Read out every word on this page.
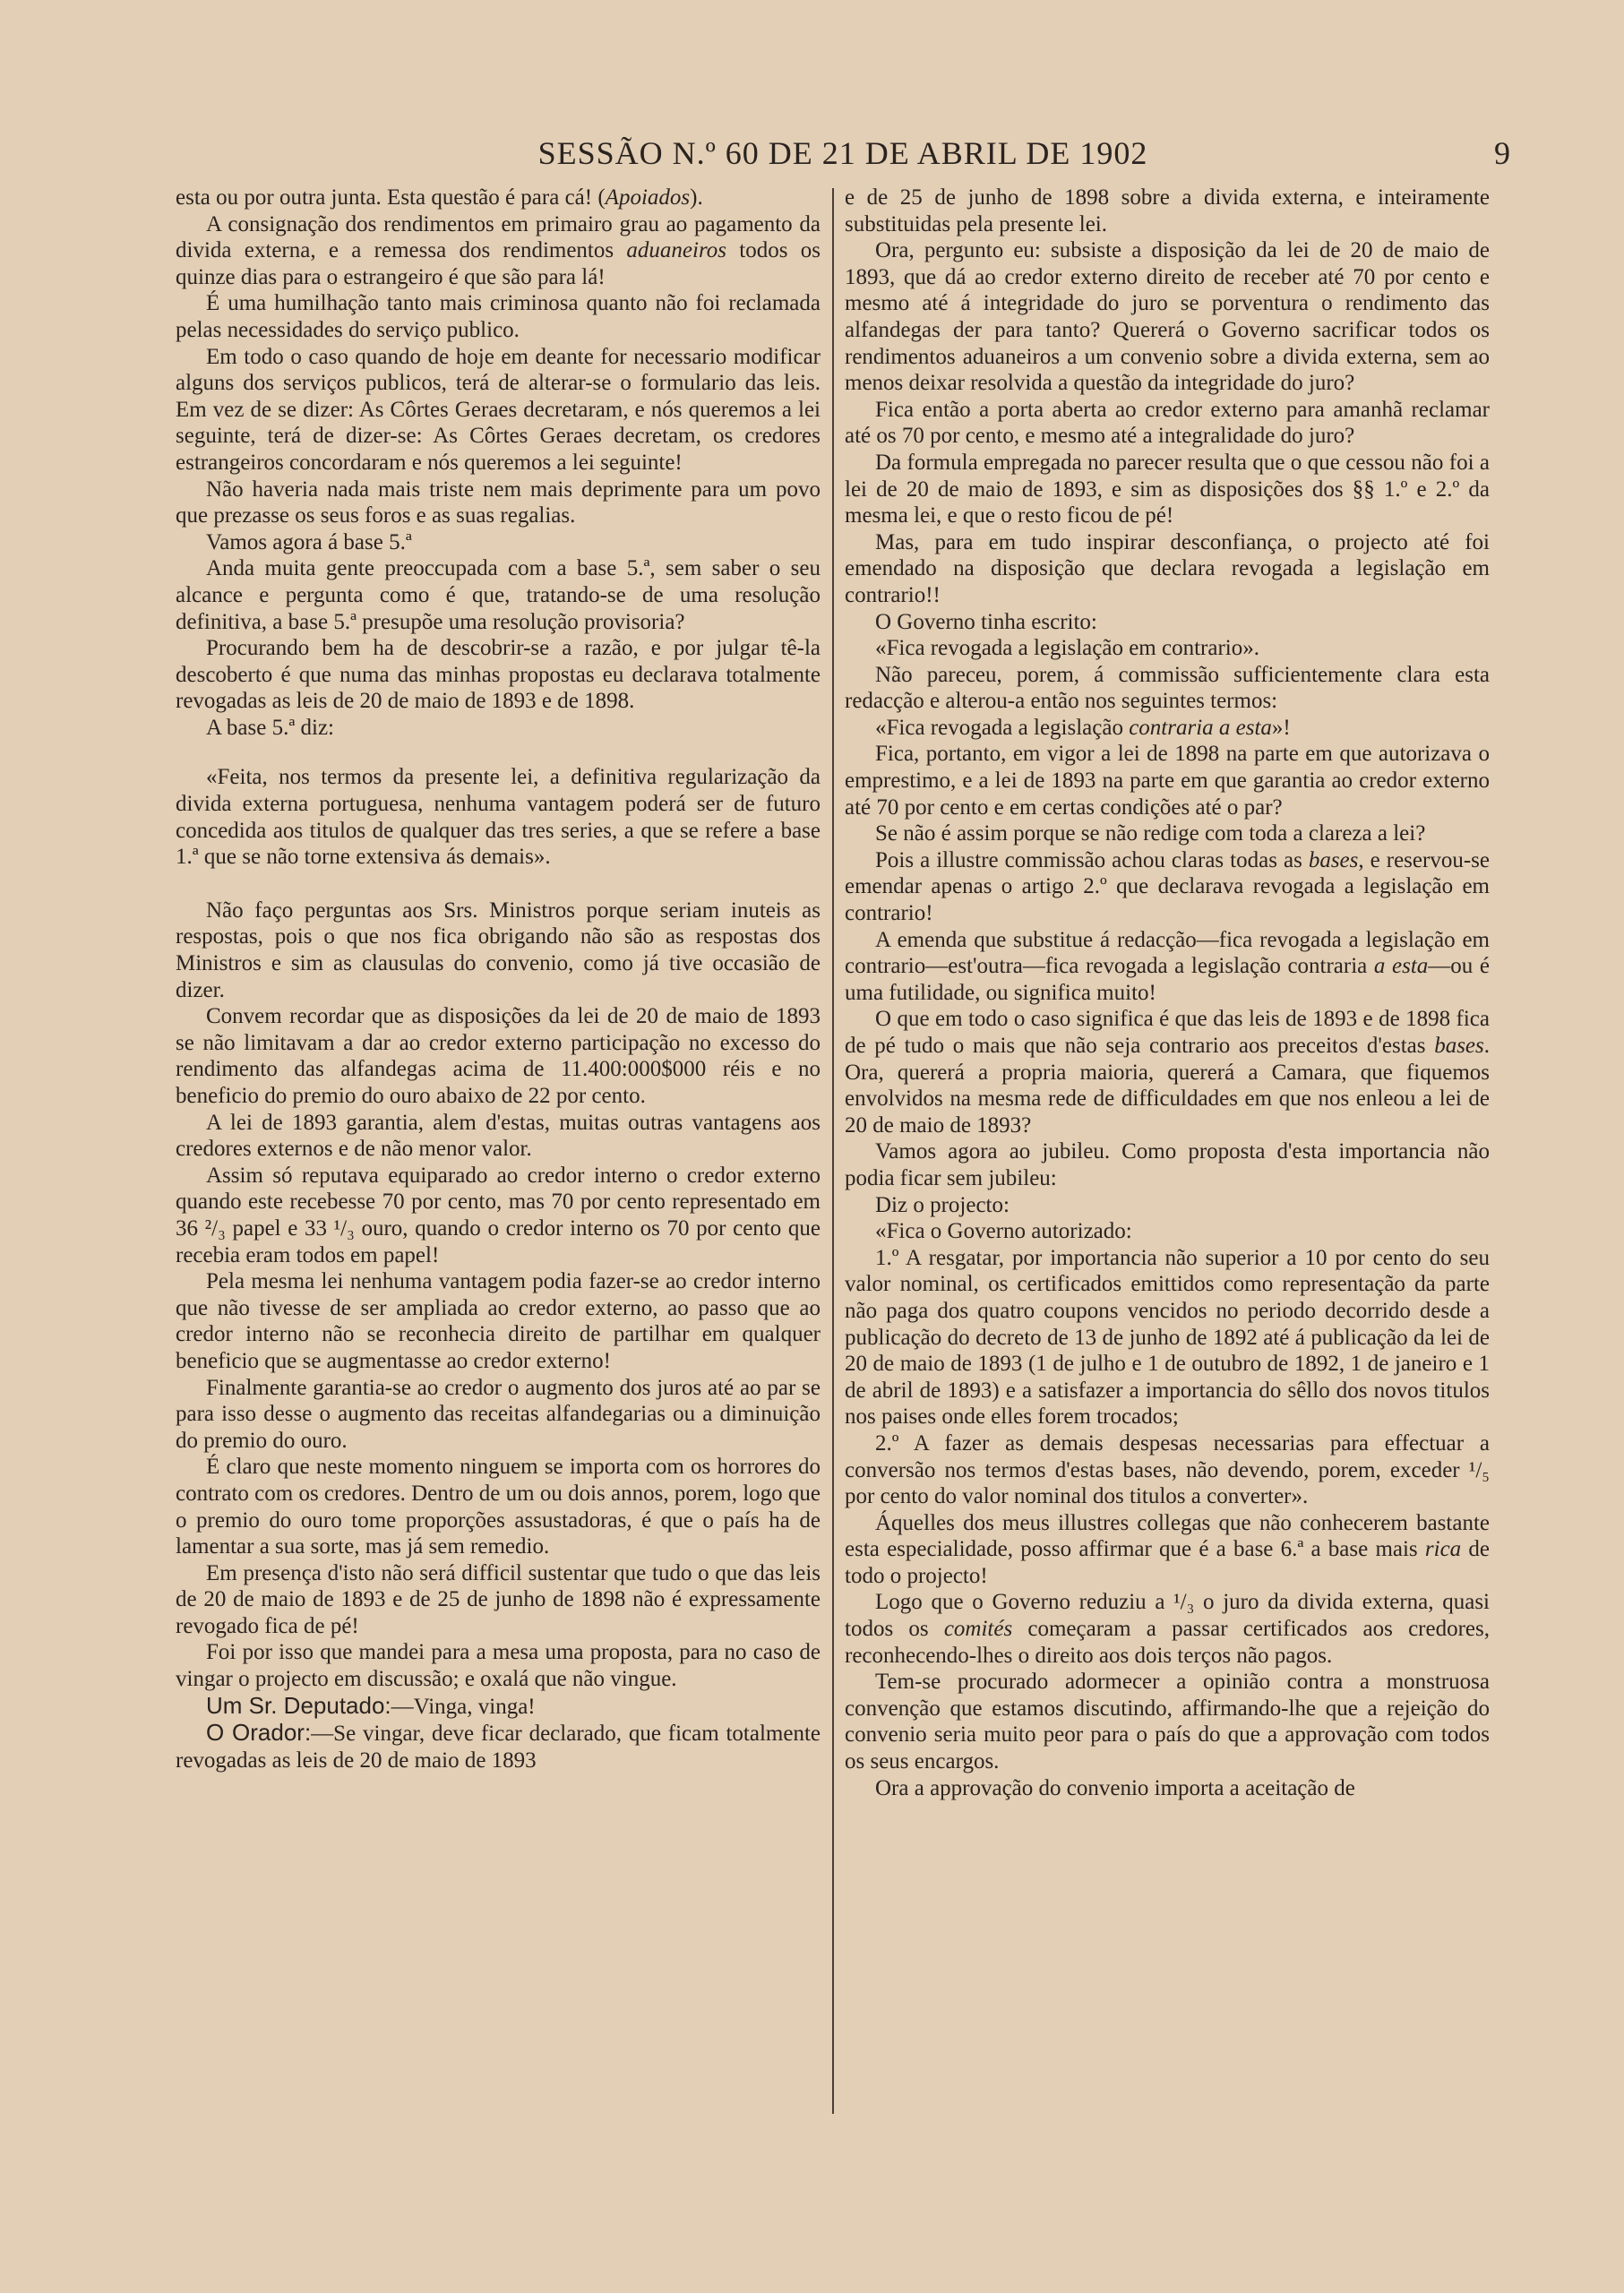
SESSÃO N.º 60 DE 21 DE ABRIL DE 1902	9

esta ou por outra junta. Esta questão é para cá! (Apoiados).

A consignação dos rendimentos em primairo grau ao pagamento da divida externa, e a remessa dos rendimentos aduaneiros todos os quinze dias para o estrangeiro é que são para lá!

É uma humilhação tanto mais criminosa quanto não foi reclamada pelas necessidades do serviço publico.

Em todo o caso quando de hoje em deante for necessario modificar alguns dos serviços publicos, terá de alterar-se o formulario das leis. Em vez de se dizer: As Côrtes Geraes decretaram, e nós queremos a lei seguinte, terá de dizer-se: As Côrtes Geraes decretam, os credores estrangeiros concordaram e nós queremos a lei seguinte!

Não haveria nada mais triste nem mais deprimente para um povo que prezasse os seus foros e as suas regalias.

Vamos agora á base 5.ª

Anda muita gente preoccupada com a base 5.ª, sem saber o seu alcance e pergunta como é que, tratando-se de uma resolução definitiva, a base 5.ª presupõe uma resolução provisoria?

Procurando bem ha de descobrir-se a razão, e por julgar tê-la descoberto é que numa das minhas propostas eu declarava totalmente revogadas as leis de 20 de maio de 1893 e de 1898.

A base 5.ª diz:

«Feita, nos termos da presente lei, a definitiva regularização da divida externa portuguesa, nenhuma vantagem poderá ser de futuro concedida aos titulos de qualquer das tres series, a que se refere a base 1.ª que se não torne extensiva ás demais».

Não faço perguntas aos Srs. Ministros porque seriam inuteis as respostas, pois o que nos fica obrigando não são as respostas dos Ministros e sim as clausulas do convenio, como já tive occasião de dizer.

Convem recordar que as disposições da lei de 20 de maio de 1893 se não limitavam a dar ao credor externo participação no excesso do rendimento das alfandegas acima de 11.400:000$000 réis e no beneficio do premio do ouro abaixo de 22 por cento.

A lei de 1893 garantia, alem d'estas, muitas outras vantagens aos credores externos e de não menor valor.

Assim só reputava equiparado ao credor interno o credor externo quando este recebesse 70 por cento, mas 70 por cento representado em 36 ²/₃ papel e 33 ¹/₃ ouro, quando o credor interno os 70 por cento que recebia eram todos em papel!

Pela mesma lei nenhuma vantagem podia fazer-se ao credor interno que não tivesse de ser ampliada ao credor externo, ao passo que ao credor interno não se reconhecia direito de partilhar em qualquer beneficio que se augmentasse ao credor externo!

Finalmente garantia-se ao credor o augmento dos juros até ao par se para isso desse o augmento das receitas alfandegarias ou a diminuição do premio do ouro.

É claro que neste momento ninguem se importa com os horrores do contrato com os credores. Dentro de um ou dois annos, porem, logo que o premio do ouro tome proporções assustadoras, é que o país ha de lamentar a sua sorte, mas já sem remedio.

Em presença d'isto não será difficil sustentar que tudo o que das leis de 20 de maio de 1893 e de 25 de junho de 1898 não é expressamente revogado fica de pé!

Foi por isso que mandei para a mesa uma proposta, para no caso de vingar o projecto em discussão; e oxalá que não vingue.

Um Sr. Deputado:—Vinga, vinga!

O Orador:—Se vingar, deve ficar declarado, que ficam totalmente revogadas as leis de 20 de maio de 1893

e de 25 de junho de 1898 sobre a divida externa, e inteiramente substituidas pela presente lei.

Ora, pergunto eu: subsiste a disposição da lei de 20 de maio de 1893, que dá ao credor externo direito de receber até 70 por cento e mesmo até á integridade do juro se porventura o rendimento das alfandegas der para tanto? Quererá o Governo sacrificar todos os rendimentos aduaneiros a um convenio sobre a divida externa, sem ao menos deixar resolvida a questão da integridade do juro?

Fica então a porta aberta ao credor externo para amanhã reclamar até os 70 por cento, e mesmo até a integralidade do juro?

Da formula empregada no parecer resulta que o que cessou não foi a lei de 20 de maio de 1893, e sim as disposições dos §§ 1.º e 2.º da mesma lei, e que o resto ficou de pé!

Mas, para em tudo inspirar desconfiança, o projecto até foi emendado na disposição que declara revogada a legislação em contrario!!

O Governo tinha escrito:

«Fica revogada a legislação em contrario».

Não pareceu, porem, á commissão sufficientemente clara esta redacção e alterou-a então nos seguintes termos:

«Fica revogada a legislação contraria a esta»!

Fica, portanto, em vigor a lei de 1898 na parte em que autorizava o emprestimo, e a lei de 1893 na parte em que garantia ao credor externo até 70 por cento e em certas condições até o par?

Se não é assim porque se não redige com toda a clareza a lei?

Pois a illustre commissão achou claras todas as bases, e reservou-se emendar apenas o artigo 2.º que declarava revogada a legislação em contrario!

A emenda que substitue á redacção—fica revogada a legislação em contrario—est'outra—fica revogada a legislação contraria a esta—ou é uma futilidade, ou significa muito!

O que em todo o caso significa é que das leis de 1893 e de 1898 fica de pé tudo o mais que não seja contrario aos preceitos d'estas bases. Ora, quererá a propria maioria, quererá a Camara, que fiquemos envolvidos na mesma rede de difficuldades em que nos enleou a lei de 20 de maio de 1893?

Vamos agora ao jubileu. Como proposta d'esta importancia não podia ficar sem jubileu:

Diz o projecto:

«Fica o Governo autorizado:

1.º A resgatar, por importancia não superior a 10 por cento do seu valor nominal, os certificados emittidos como representação da parte não paga dos quatro coupons vencidos no periodo decorrido desde a publicação do decreto de 13 de junho de 1892 até á publicação da lei de 20 de maio de 1893 (1 de julho e 1 de outubro de 1892, 1 de janeiro e 1 de abril de 1893) e a satisfazer a importancia do sêllo dos novos titulos nos paises onde elles forem trocados;

2.º A fazer as demais despesas necessarias para effectuar a conversão nos termos d'estas bases, não devendo, porem, exceder ¹/₅ por cento do valor nominal dos titulos a converter».

Áquelles dos meus illustres collegas que não conhecerem bastante esta especialidade, posso affirmar que é a base 6.ª a base mais rica de todo o projecto!

Logo que o Governo reduziu a ¹/₃ o juro da divida externa, quasi todos os comités começaram a passar certificados aos credores, reconhecendo-lhes o direito aos dois terços não pagos.

Tem-se procurado adormecer a opinião contra a monstruosa convenção que estamos discutindo, affirmando-lhe que a rejeição do convenio seria muito peor para o país do que a approvação com todos os seus encargos.

Ora a approvação do convenio importa a aceitação de
